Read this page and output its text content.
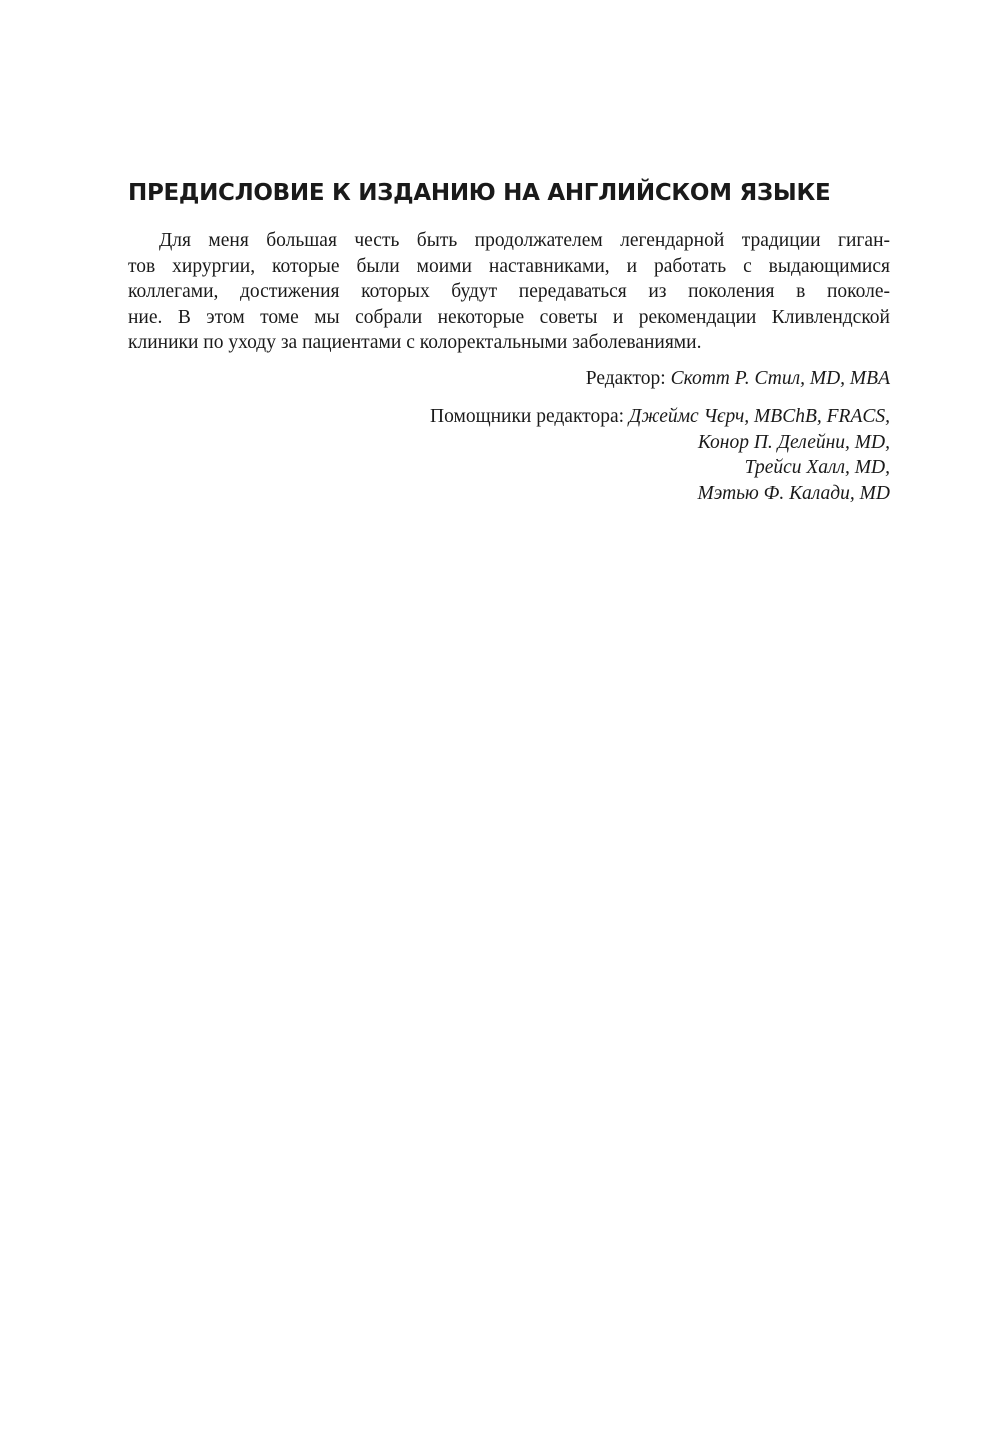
ПРЕДИСЛОВИЕ К ИЗДАНИЮ НА АНГЛИЙСКОМ ЯЗЫКЕ

Для меня большая честь быть продолжателем легендарной традиции гиган-
тов хирургии, которые были моими наставниками, и работать с выдающимися
коллегами, достижения которых будут передаваться из поколения в поколе-
ние. В этом томе мы собрали некоторые советы и рекомендации Кливлендской
клиники по уходу за пациентами с колоректальными заболеваниями.

Редактор: Скотт Р. Стил, MD, MBA
Помощники редактора: Джеймс Чєрч, MBChB, FRACS,
Конор П. Делейни, MD,
Трейси Халл, MD,
Мэтью Ф. Калади, MD
